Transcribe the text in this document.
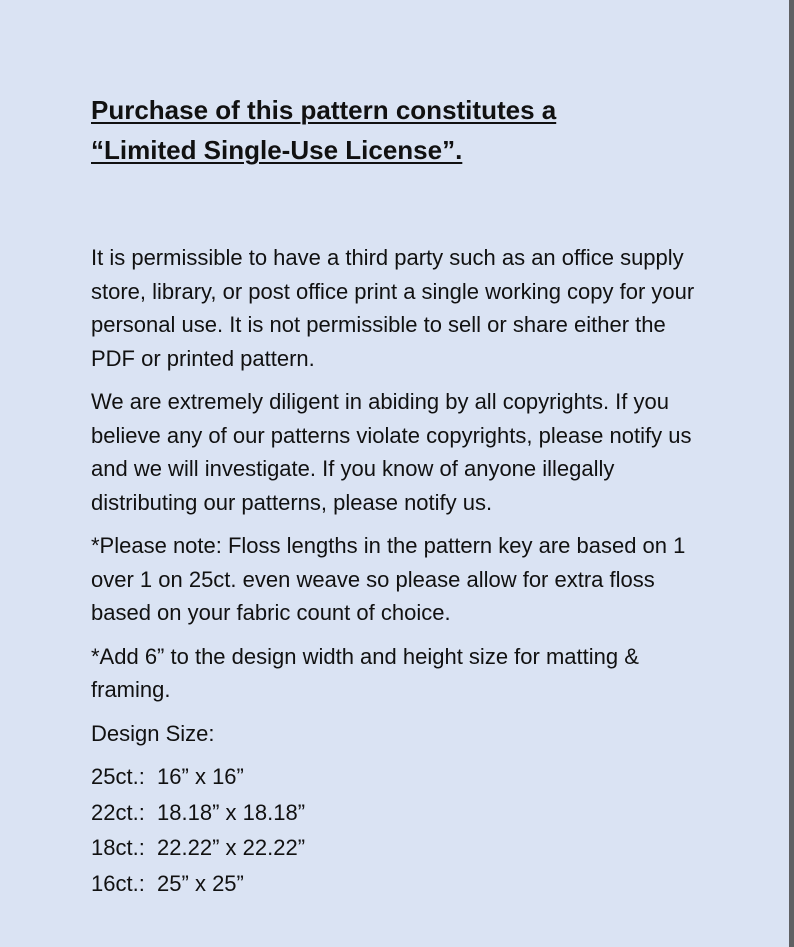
Purchase of this pattern constitutes a
“Limited Single-Use License”.

It is permissible to have a third party such as an office supply store, library, or post office print a single working copy for your personal use. It is not permissible to sell or share either the PDF or printed pattern.

We are extremely diligent in abiding by all copyrights. If you believe any of our patterns violate copyrights, please notify us and we will investigate. If you know of anyone illegally distributing our patterns, please notify us.

*Please note: Floss lengths in the pattern key are based on 1 over 1 on 25ct. even weave so please allow for extra floss based on your fabric count of choice.

*Add 6” to the design width and height size for matting & framing.

Design Size:

25ct.: 16” x 16”
22ct.: 18.18” x 18.18”
18ct.: 22.22” x 22.22”
16ct.: 25” x 25”
